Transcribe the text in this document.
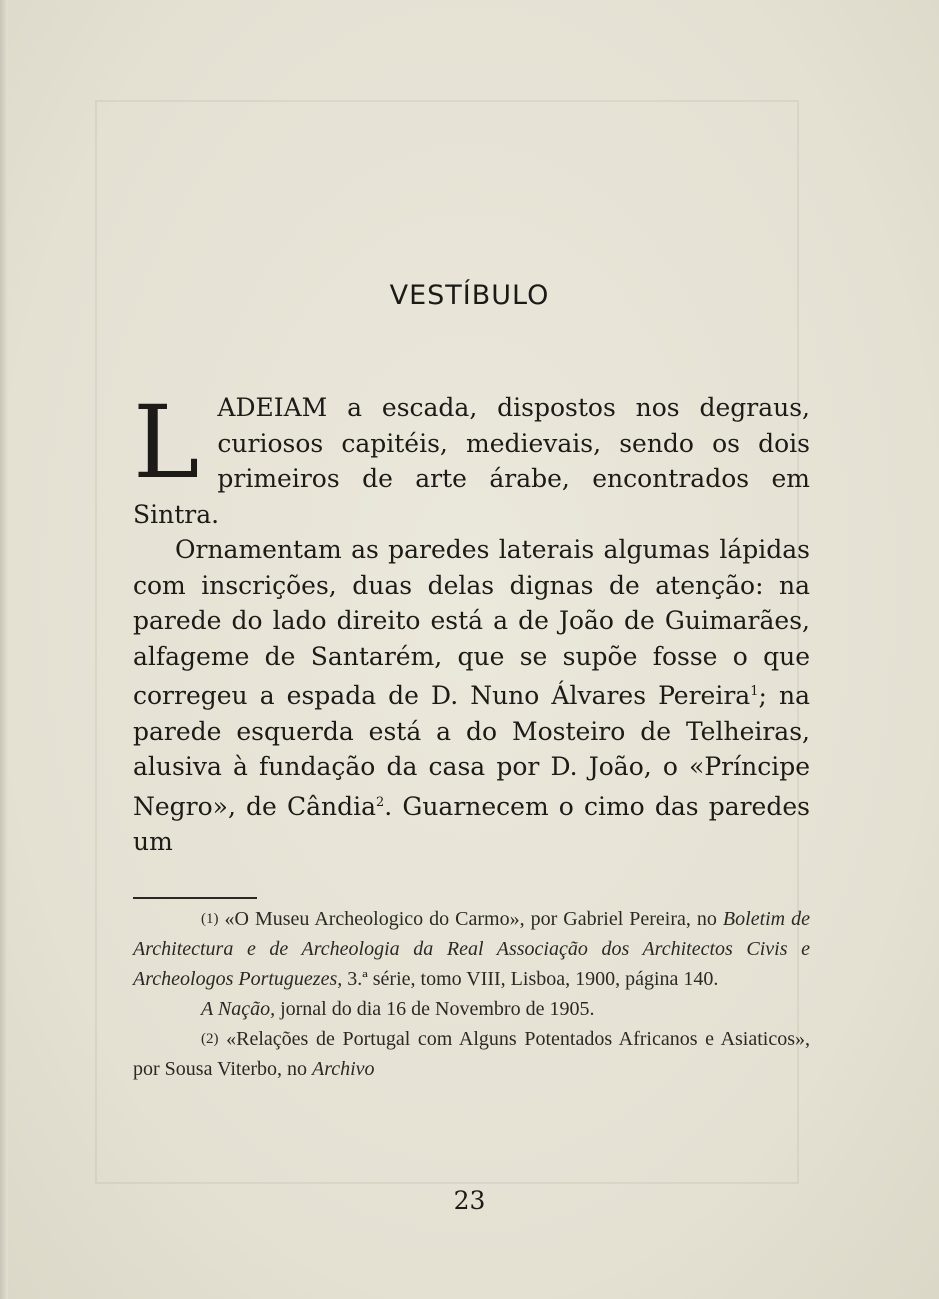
VESTÍBULO
LADEIAM a escada, dispostos nos degraus, curiosos capitéis, medievais, sendo os dois primeiros de arte árabe, encontrados em Sintra.
Ornamentam as paredes laterais algumas lápidas com inscrições, duas delas dignas de atenção: na parede do lado direito está a de João de Guimarães, alfageme de Santarém, que se supõe fosse o que corregeu a espada de D. Nuno Álvares Pereira$^1$; na parede esquerda está a do Mosteiro de Telheiras, alusiva à fundação da casa por D. João, o «Príncipe Negro», de Cândia$^2$. Guarnecem o cimo das paredes um

(1) «O Museu Archeologico do Carmo», por Gabriel Pereira, no Boletim de Architectura e de Archeologia da Real Associação dos Architectos Civis e Archeologos Portuguezes, 3.ª série, tomo VIII, Lisboa, 1900, página 140.

A Nação, jornal do dia 16 de Novembro de 1905.

(2) «Relações de Portugal com Alguns Potentados Africanos e Asiaticos», por Sousa Viterbo, no Archivo

23
